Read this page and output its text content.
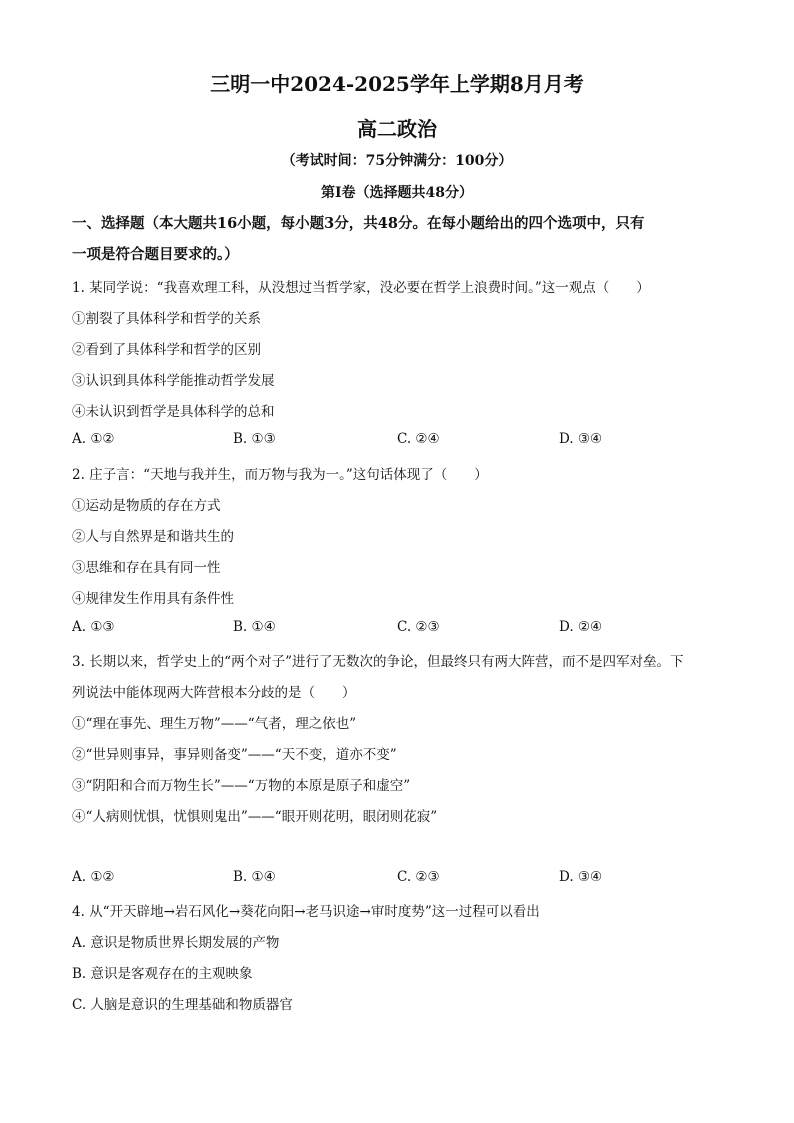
三明一中2024-2025学年上学期8月月考
高二政治
（考试时间：75分钟满分：100分）
第Ⅰ卷（选择题共48分）
一、选择题（本大题共16小题，每小题3分，共48分。在每小题给出的四个选项中，只有
一项是符合题目要求的。）
1. 某同学说：“我喜欢理工科，从没想过当哲学家，没必要在哲学上浪费时间。”这一观点（　　）
①割裂了具体科学和哲学的关系
②看到了具体科学和哲学的区别
③认识到具体科学能推动哲学发展
④未认识到哲学是具体科学的总和
A. ①②	B. ①③	C. ②④	D. ③④
2. 庄子言：“天地与我并生，而万物与我为一。”这句话体现了（　　）
①运动是物质的存在方式
②人与自然界是和谐共生的
③思维和存在具有同一性
④规律发生作用具有条件性
A. ①③	B. ①④	C. ②③	D. ②④
3. 长期以来，哲学史上的“两个对子”进行了无数次的争论，但最终只有两大阵营，而不是四军对垒。下
列说法中能体现两大阵营根本分歧的是（　　）
①“理在事先、理生万物”——“气者，理之依也”
②“世异则事异，事异则备变”——“天不变，道亦不变”
③“阴阳和合而万物生长”——“万物的本原是原子和虚空”
④“人病则忧惧，忧惧则鬼出”——“眼开则花明，眼闭则花寂”
A. ①②	B. ①④	C. ②③	D. ③④
4. 从“开天辟地→岩石风化→葵花向阳→老马识途→审时度势”这一过程可以看出
A. 意识是物质世界长期发展的产物
B. 意识是客观存在的主观映象
C. 人脑是意识的生理基础和物质器官
